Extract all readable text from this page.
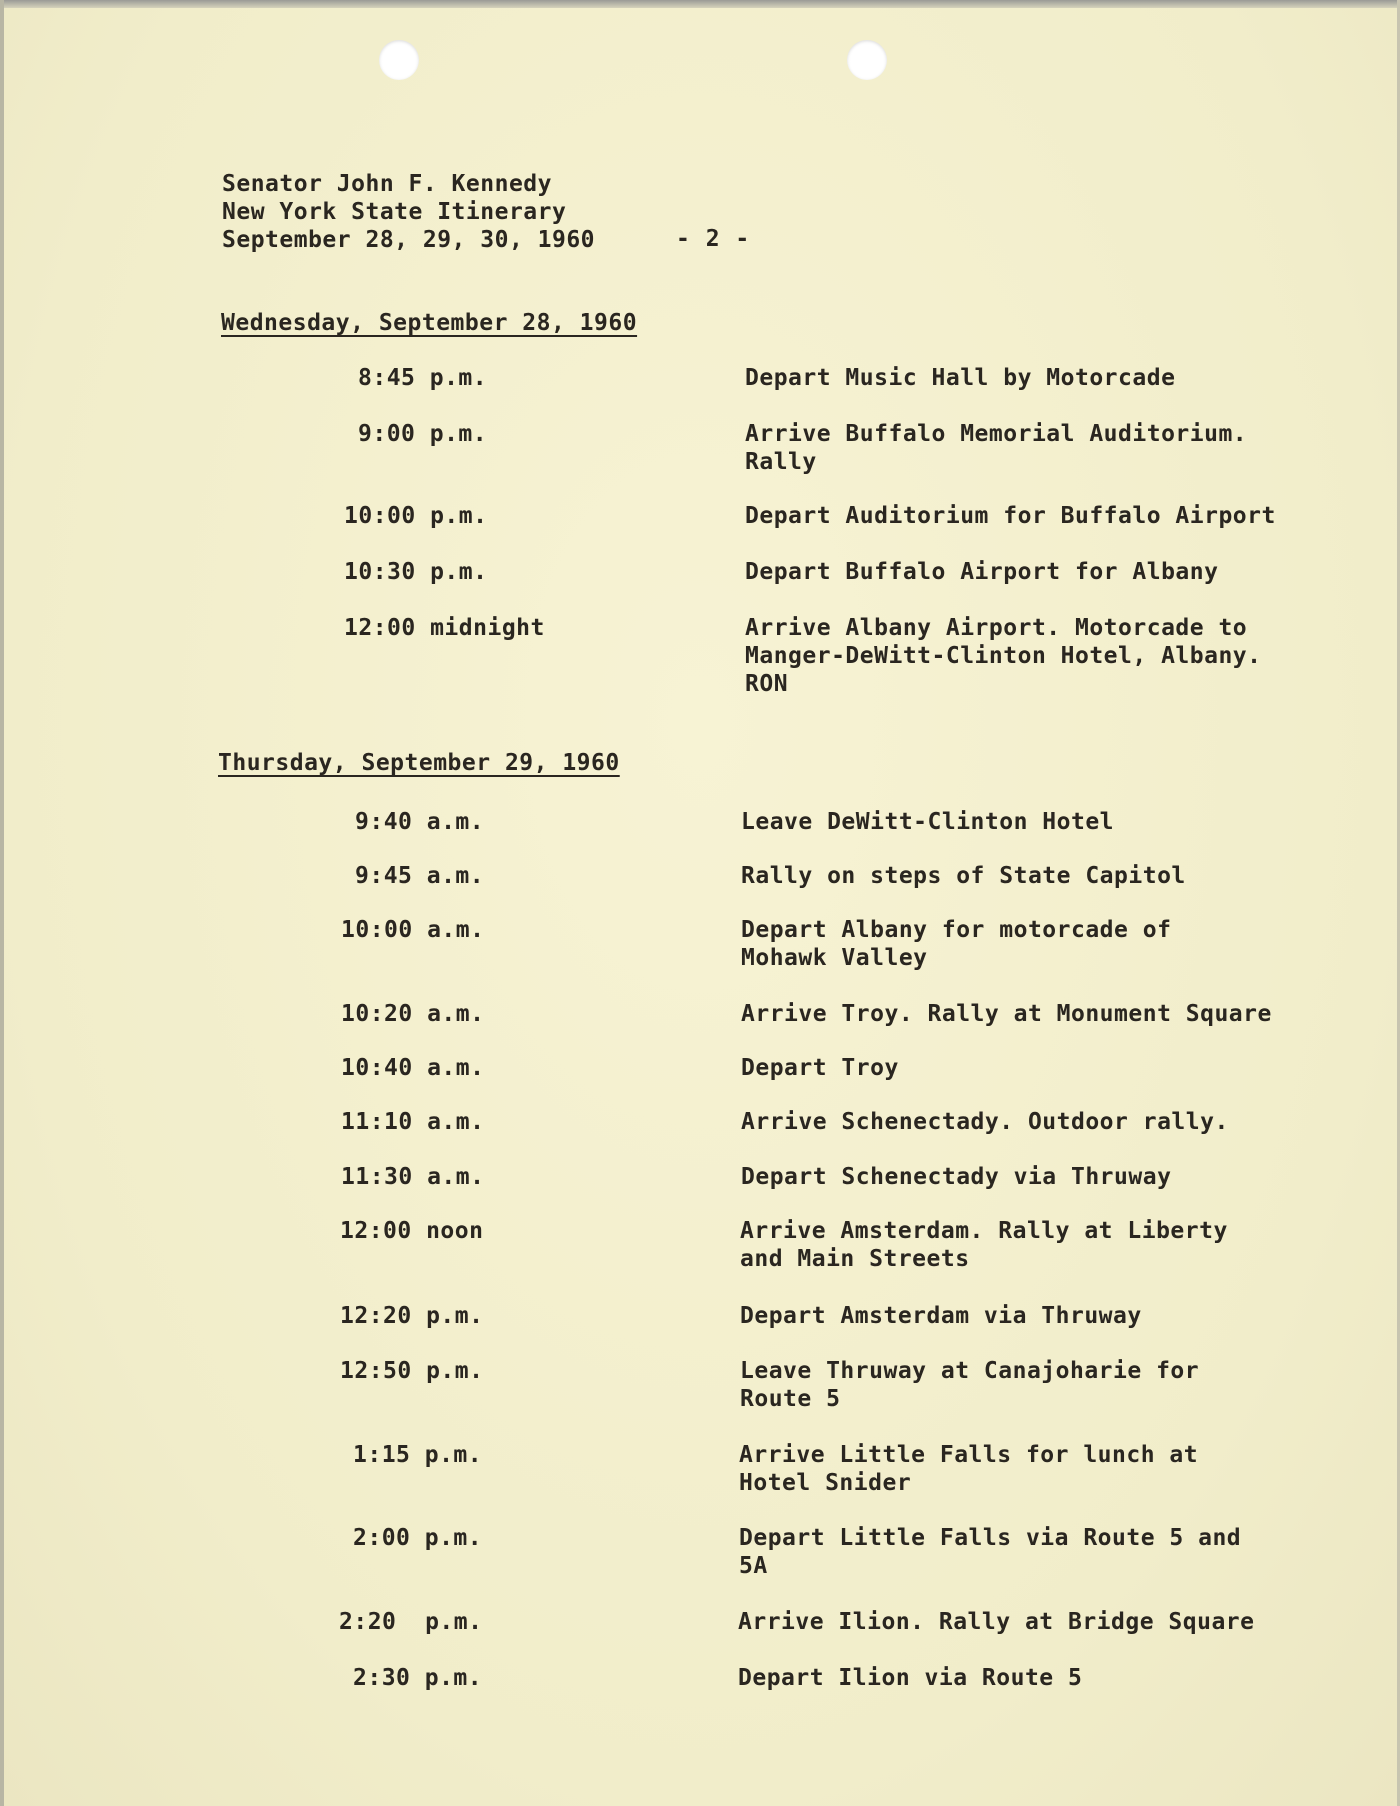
Senator John F. Kennedy
New York State Itinerary
September 28, 29, 30, 1960	- 2 -
Wednesday, September 28, 1960
8:45 p.m.	Depart Music Hall by Motorcade
9:00 p.m.	Arrive Buffalo Memorial Auditorium.
Rally
10:00 p.m.	Depart Auditorium for Buffalo Airport
10:30 p.m.	Depart Buffalo Airport for Albany
12:00 midnight	Arrive Albany Airport. Motorcade to
Manger-DeWitt-Clinton Hotel, Albany.
RON
Thursday, September 29, 1960
9:40 a.m.	Leave DeWitt-Clinton Hotel
9:45 a.m.	Rally on steps of State Capitol
10:00 a.m.	Depart Albany for motorcade of
Mohawk Valley
10:20 a.m.	Arrive Troy. Rally at Monument Square
10:40 a.m.	Depart Troy
11:10 a.m.	Arrive Schenectady. Outdoor rally.
11:30 a.m.	Depart Schenectady via Thruway
12:00 noon	Arrive Amsterdam. Rally at Liberty
and Main Streets
12:20 p.m.	Depart Amsterdam via Thruway
12:50 p.m.	Leave Thruway at Canajoharie for
Route 5
1:15 p.m.	Arrive Little Falls for lunch at
Hotel Snider
2:00 p.m.	Depart Little Falls via Route 5 and
5A
2:20  p.m.	Arrive Ilion. Rally at Bridge Square
2:30 p.m.	Depart Ilion via Route 5
